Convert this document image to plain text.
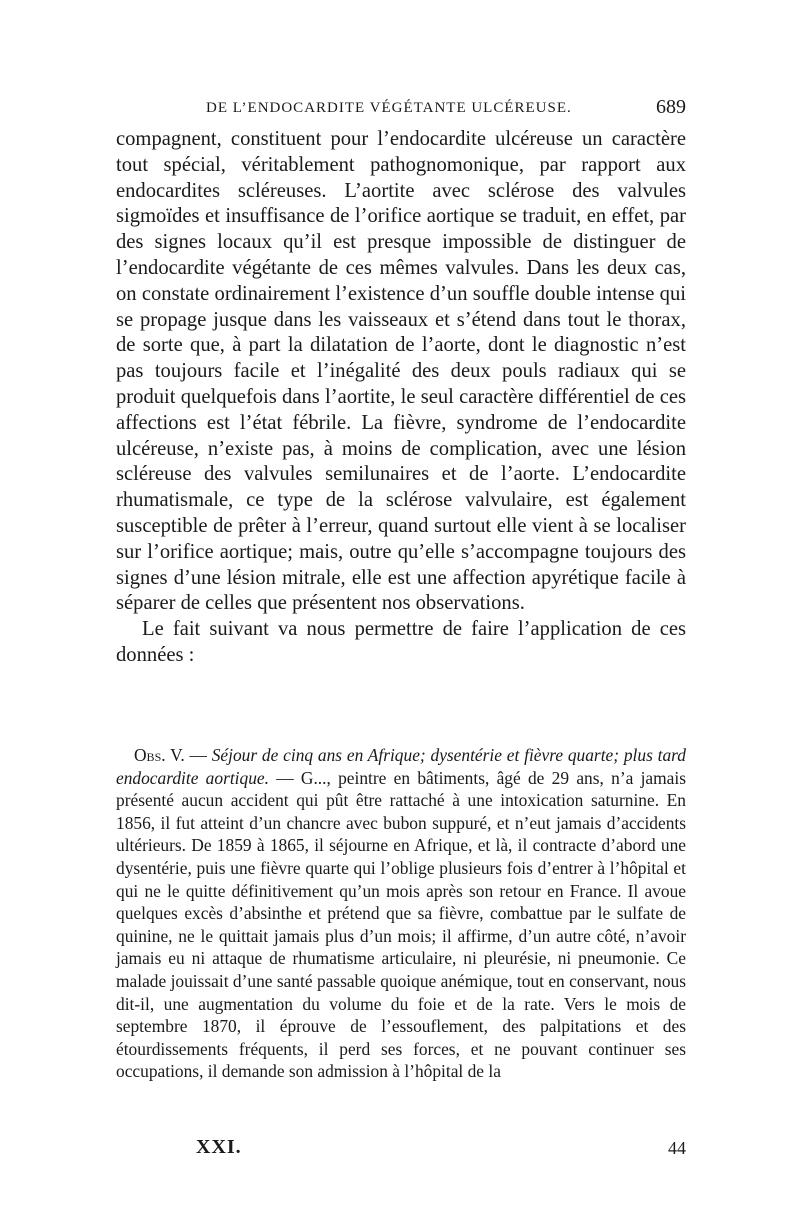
DE L’ENDOCARDITE VÉGÉTANTE ULCÉREUSE.	689

compagnent, constituent pour l’endocardite ulcéreuse un caractère tout spécial, véritablement pathognomonique, par rapport aux endocardites scléreuses. L’aortite avec sclérose des valvules sigmoïdes et insuffisance de l’orifice aortique se traduit, en effet, par des signes locaux qu’il est presque impossible de distinguer de l’endocardite végétante de ces mêmes valvules. Dans les deux cas, on constate ordinairement l’existence d’un souffle double intense qui se propage jusque dans les vaisseaux et s’étend dans tout le thorax, de sorte que, à part la dilatation de l’aorte, dont le diagnostic n’est pas toujours facile et l’inégalité des deux pouls radiaux qui se produit quelquefois dans l’aortite, le seul caractère différentiel de ces affections est l’état fébrile. La fièvre, syndrome de l’endocardite ulcéreuse, n’existe pas, à moins de complication, avec une lésion scléreuse des valvules semilunaires et de l’aorte. L’endocardite rhumatismale, ce type de la sclérose valvulaire, est également susceptible de prêter à l’erreur, quand surtout elle vient à se localiser sur l’orifice aortique; mais, outre qu’elle s’accompagne toujours des signes d’une lésion mitrale, elle est une affection apyrétique facile à séparer de celles que présentent nos observations.

Le fait suivant va nous permettre de faire l’application de ces données :

Obs. V. — Séjour de cinq ans en Afrique; dysentérie et fièvre quarte; plus tard endocardite aortique. — G..., peintre en bâtiments, âgé de 29 ans, n’a jamais présenté aucun accident qui pût être rattaché à une intoxication saturnine. En 1856, il fut atteint d’un chancre avec bubon suppuré, et n’eut jamais d’accidents ultérieurs. De 1859 à 1865, il séjourne en Afrique, et là, il contracte d’abord une dysentérie, puis une fièvre quarte qui l’oblige plusieurs fois d’entrer à l’hôpital et qui ne le quitte définitivement qu’un mois après son retour en France. Il avoue quelques excès d’absinthe et prétend que sa fièvre, combattue par le sulfate de quinine, ne le quittait jamais plus d’un mois; il affirme, d’un autre côté, n’avoir jamais eu ni attaque de rhumatisme articulaire, ni pleurésie, ni pneumonie. Ce malade jouissait d’une santé passable quoique anémique, tout en conservant, nous dit-il, une augmentation du volume du foie et de la rate. Vers le mois de septembre 1870, il éprouve de l’essouflement, des palpitations et des étourdissements fréquents, il perd ses forces, et ne pouvant continuer ses occupations, il demande son admission à l’hôpital de la

XXI.	44
